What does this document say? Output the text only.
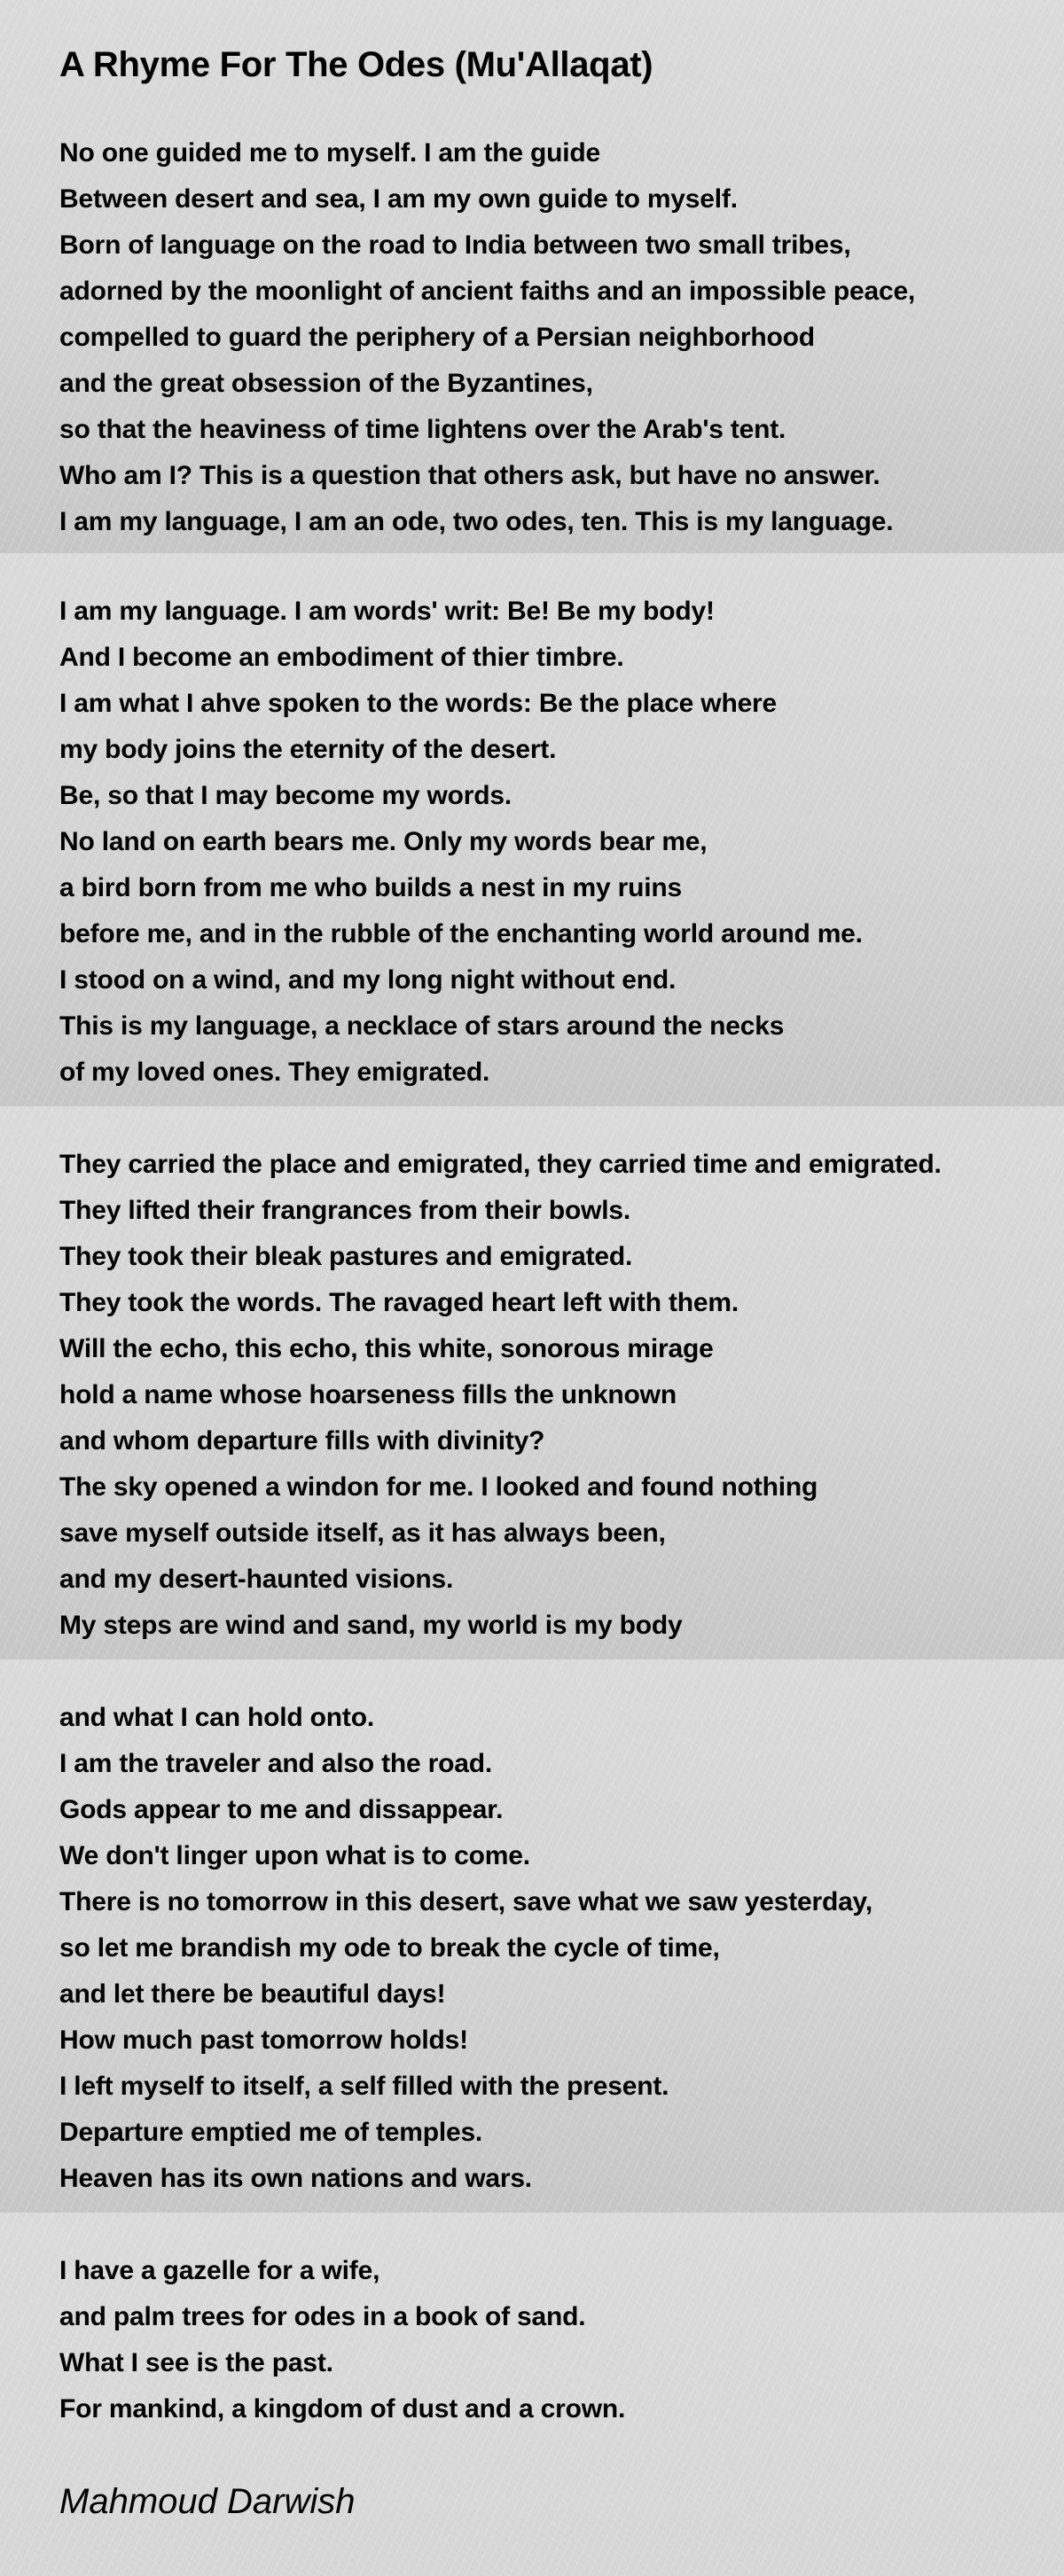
A Rhyme For The Odes (Mu'Allaqat)
No one guided me to myself. I am the guide
Between desert and sea, I am my own guide to myself.
Born of language on the road to India between two small tribes,
adorned by the moonlight of ancient faiths and an impossible peace,
compelled to guard the periphery of a Persian neighborhood
and the great obsession of the Byzantines,
so that the heaviness of time lightens over the Arab's tent.
Who am I? This is a question that others ask, but have no answer.
I am my language, I am an ode, two odes, ten. This is my language.
I am my language. I am words' writ: Be! Be my body!
And I become an embodiment of thier timbre.
I am what I ahve spoken to the words: Be the place where
my body joins the eternity of the desert.
Be, so that I may become my words.
No land on earth bears me. Only my words bear me,
a bird born from me who builds a nest in my ruins
before me, and in the rubble of the enchanting world around me.
I stood on a wind, and my long night without end.
This is my language, a necklace of stars around the necks
of my loved ones. They emigrated.
They carried the place and emigrated, they carried time and emigrated.
They lifted their frangrances from their bowls.
They took their bleak pastures and emigrated.
They took the words. The ravaged heart left with them.
Will the echo, this echo, this white, sonorous mirage
hold a name whose hoarseness fills the unknown
and whom departure fills with divinity?
The sky opened a windon for me. I looked and found nothing
save myself outside itself, as it has always been,
and my desert-haunted visions.
My steps are wind and sand, my world is my body
and what I can hold onto.
I am the traveler and also the road.
Gods appear to me and dissappear.
We don't linger upon what is to come.
There is no tomorrow in this desert, save what we saw yesterday,
so let me brandish my ode to break the cycle of time,
and let there be beautiful days!
How much past tomorrow holds!
I left myself to itself, a self filled with the present.
Departure emptied me of temples.
Heaven has its own nations and wars.
I have a gazelle for a wife,
and palm trees for odes in a book of sand.
What I see is the past.
For mankind, a kingdom of dust and a crown.
Mahmoud Darwish
